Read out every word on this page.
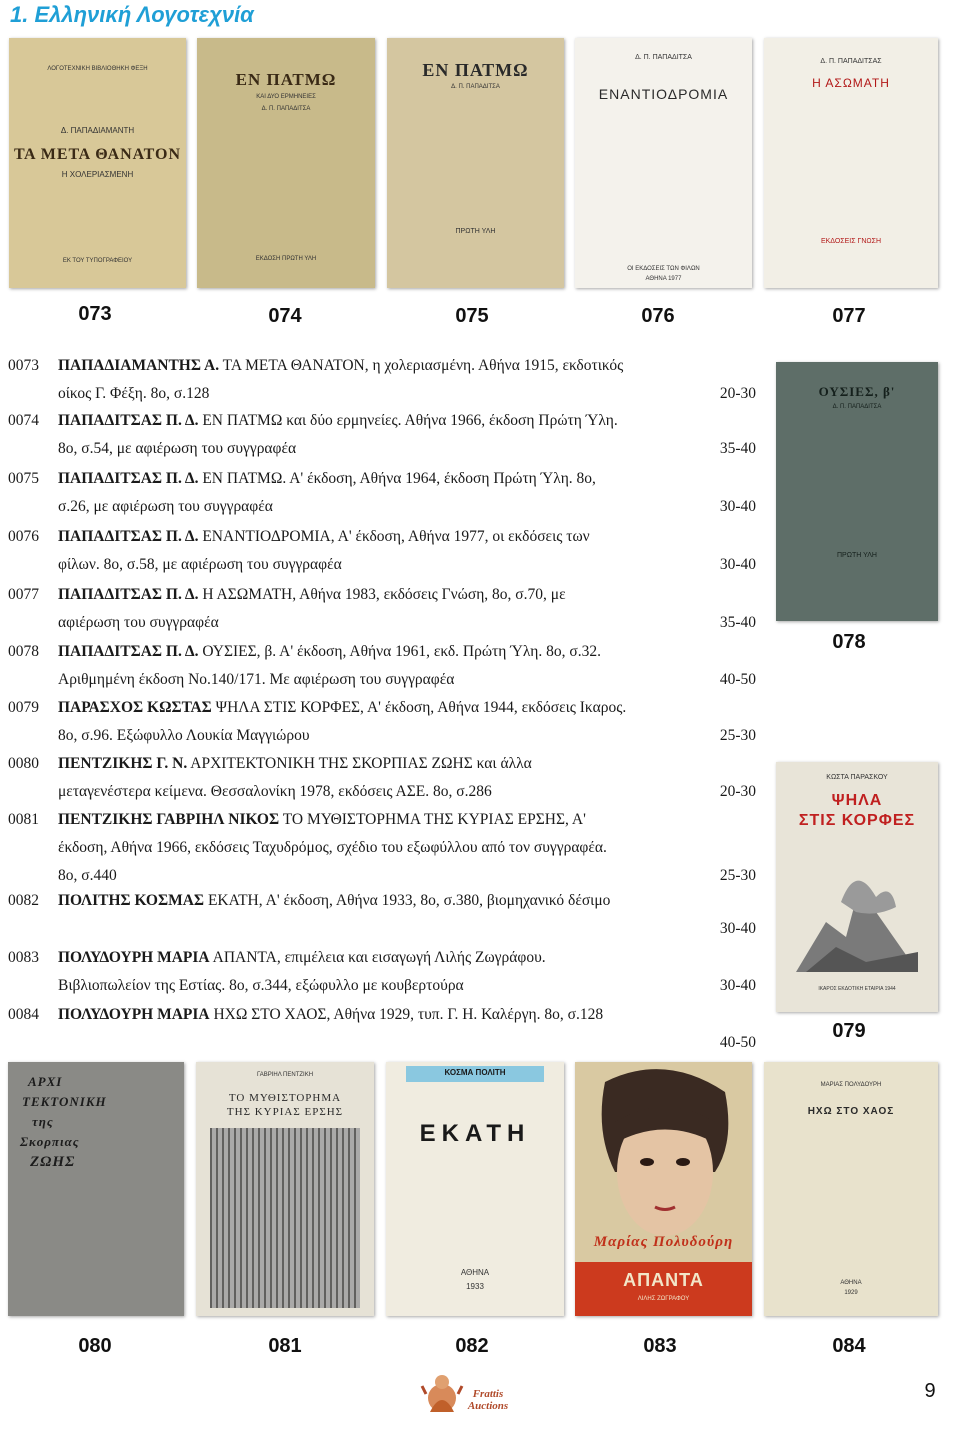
1. Ελληνική Λογοτεχνία
ΛΟΓΟΤΕΧΝΙΚΗ ΒΙΒΛΙΟΘΗΚΗ ΦΕΞΗ
Δ. ΠΑΠΑΔΙΑΜΑΝΤΗ
ΤΑ ΜΕΤΑ ΘΑΝΑΤΟΝ
Η ΧΟΛΕΡΙΑΣΜΕΝΗ
ΕΚ ΤΟΥ ΤΥΠΟΓΡΑΦΕΙΟΥ
ΕΝ ΠΑΤΜΩ
ΚΑΙ ΔΥΟ ΕΡΜΗΝΕΙΕΣ
Δ. Π. ΠΑΠΑΔΙΤΣΑ
ΕΚΔΟΣΗ ΠΡΩΤΗ ΥΛΗ
ΕΝ ΠΑΤΜΩ
Δ. Π. ΠΑΠΑΔΙΤΣΑ
ΠΡΩΤΗ ΥΛΗ
Δ. Π. ΠΑΠΑΔΙΤΣΑ
ΕΝΑΝΤΙΟΔΡΟΜΙΑ
ΟΙ ΕΚΔΟΣΕΙΣ ΤΩΝ ΦΙΛΩΝ
ΑΘΗΝΑ 1977
Δ. Π. ΠΑΠΑΔΙΤΣΑΣ
Η ΑΣΩΜΑΤΗ
ΕΚΔΟΣΕΙΣ ΓΝΩΣΗ
073	074	075	076	077
ΟΥΣΙΕΣ, β'
Δ. Π. ΠΑΠΑΔΙΤΣΑ
ΠΡΩΤΗ ΥΛΗ
078
ΚΩΣΤΑ ΠΑΡΑΣΚΟΥ
ΨΗΛΑ
ΣΤΙΣ ΚΟΡΦΕΣ
ΙΚΑΡΟΣ ΕΚΔΟΤΙΚΗ ΕΤΑΙΡΙΑ 1944
079
0073 ΠΑΠΑΔΙΑΜΑΝΤΗΣ Α. ΤΑ ΜΕΤΑ ΘΑΝΑΤΟΝ, η χολεριασμένη. Αθήνα 1915, εκδοτικός
οίκος Γ. Φέξη. 8ο, σ.128	20-30
0074 ΠΑΠΑΔΙΤΣΑΣ Π. Δ. ΕΝ ΠΑΤΜΩ και δύο ερμηνείες. Αθήνα 1966, έκδοση Πρώτη Ύλη.
8ο, σ.54, με αφιέρωση του συγγραφέα	35-40
0075 ΠΑΠΑΔΙΤΣΑΣ Π. Δ. ΕΝ ΠΑΤΜΩ. Α' έκδοση, Αθήνα 1964, έκδοση Πρώτη Ύλη. 8ο,
σ.26, με αφιέρωση του συγγραφέα	30-40
0076 ΠΑΠΑΔΙΤΣΑΣ Π. Δ. ΕΝΑΝΤΙΟΔΡΟΜΙΑ, Α' έκδοση, Αθήνα 1977, οι εκδόσεις των
φίλων. 8ο, σ.58, με αφιέρωση του συγγραφέα	30-40
0077 ΠΑΠΑΔΙΤΣΑΣ Π. Δ. Η ΑΣΩΜΑΤΗ, Αθήνα 1983, εκδόσεις Γνώση, 8ο, σ.70, με
αφιέρωση του συγγραφέα	35-40
0078 ΠΑΠΑΔΙΤΣΑΣ Π. Δ. ΟΥΣΙΕΣ, β. Α' έκδοση, Αθήνα 1961, εκδ. Πρώτη Ύλη. 8ο, σ.32.
Αριθμημένη έκδοση Νο.140/171. Με αφιέρωση του συγγραφέα	40-50
0079 ΠΑΡΑΣΧΟΣ ΚΩΣΤΑΣ ΨΗΛΑ ΣΤΙΣ ΚΟΡΦΕΣ, Α' έκδοση, Αθήνα 1944, εκδόσεις Ικαρος.
8ο, σ.96. Εξώφυλλο Λουκία Μαγγιώρου	25-30
0080 ΠΕΝΤΖΙΚΗΣ Γ. Ν. ΑΡΧΙΤΕΚΤΟΝΙΚΗ ΤΗΣ ΣΚΟΡΠΙΑΣ ΖΩΗΣ και άλλα
μεταγενέστερα κείμενα. Θεσσαλονίκη 1978, εκδόσεις ΑΣΕ. 8ο, σ.286	20-30
0081 ΠΕΝΤΖΙΚΗΣ ΓΑΒΡΙΗΛ ΝΙΚΟΣ ΤΟ ΜΥΘΙΣΤΟΡΗΜΑ ΤΗΣ ΚΥΡΙΑΣ ΕΡΣΗΣ, Α'
έκδοση, Αθήνα 1966, εκδόσεις Ταχυδρόμος, σχέδιο του εξωφύλλου από τον συγγραφέα.
8ο, σ.440	25-30
0082 ΠΟΛΙΤΗΣ ΚΟΣΜΑΣ ΕΚΑΤΗ, Α' έκδοση, Αθήνα 1933, 8ο, σ.380, βιομηχανικό δέσιμο
30-40
0083 ΠΟΛΥΔΟΥΡΗ ΜΑΡΙΑ ΑΠΑΝΤΑ, επιμέλεια και εισαγωγή Λιλής Ζωγράφου.
Βιβλιοπωλείον της Εστίας. 8ο, σ.344, εξώφυλλο με κουβερτούρα	30-40
0084 ΠΟΛΥΔΟΥΡΗ ΜΑΡΙΑ ΗΧΩ ΣΤΟ ΧΑΟΣ, Αθήνα 1929, τυπ. Γ. Η. Καλέργη. 8ο, σ.128
40-50
ΑΡΧΙ
ΤΕΚΤΟΝΙΚΗ
της
Σκορπιας
ΖΩΗΣ
ΓΑΒΡΙΗΛ ΠΕΝΤΖΙΚΗ
ΤΟ ΜΥΘΙΣΤΟΡΗΜΑ
ΤΗΣ ΚΥΡΙΑΣ ΕΡΣΗΣ
ΚΟΣΜΑ ΠΟΛΙΤΗ
ΕΚΑΤΗ
ΑΘΗΝΑ
1933
Μαρίας Πολυδούρη
ΑΠΑΝΤΑ
ΛΙΛΗΣ ΖΩΓΡΑΦΟΥ
ΜΑΡΙΑΣ ΠΟΛΥΔΟΥΡΗ
ΗΧΩ ΣΤΟ ΧΑΟΣ
ΑΘΗΝΑ
1929
080	081	082	083	084
Frattis
Auctions
9
